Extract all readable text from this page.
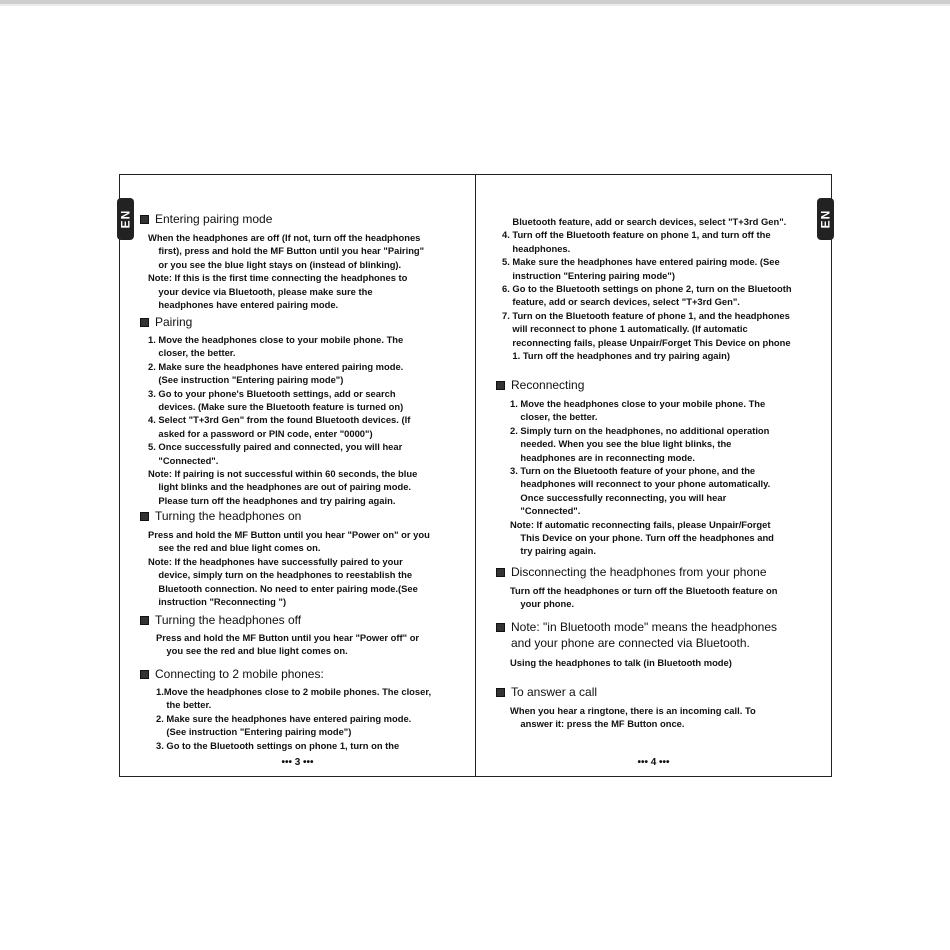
Entering pairing mode
When the headphones are off (If not, turn off the headphones
first), press and hold the MF Button until you hear "Pairing"
or you see the blue light stays on (instead of blinking).
Note: If this is the first time connecting the headphones to
your device via Bluetooth, please make sure the
headphones have entered pairing mode.
Pairing
1. Move the headphones close to your mobile phone. The
closer, the better.
2. Make sure the headphones have entered pairing mode.
(See instruction "Entering pairing mode")
3. Go to your phone's Bluetooth settings, add or search
devices. (Make sure the Bluetooth feature is turned on)
4. Select "T+3rd Gen" from the found Bluetooth devices. (If
asked for a password or PIN code, enter "0000")
5. Once successfully paired and connected, you will hear
"Connected".
Note: If pairing is not successful within 60 seconds, the blue
light blinks and the headphones are out of pairing mode.
Please turn off the headphones and try pairing again.
Turning the headphones on
Press and hold the MF Button until you hear "Power on" or you
see the red and blue light comes on.
Note: If the headphones have successfully paired to your
device, simply turn on the headphones to reestablish the
Bluetooth connection. No need to enter pairing mode.(See
instruction "Reconnecting ")
Turning the headphones off
Press and hold the MF Button until you hear "Power off" or
you see the red and blue light comes on.
Connecting to 2 mobile phones:
1.Move the headphones close to 2 mobile phones. The closer,
the better.
2. Make sure the headphones have entered pairing mode.
(See instruction "Entering pairing mode")
3. Go to the Bluetooth settings on phone 1, turn on the
••• 3 •••
Bluetooth feature, add or search devices, select "T+3rd Gen".
4. Turn off the Bluetooth feature on phone 1, and turn off the
headphones.
5. Make sure the headphones have entered pairing mode. (See
instruction "Entering pairing mode")
6. Go to the Bluetooth settings on phone 2, turn on the Bluetooth
feature, add or search devices, select "T+3rd Gen".
7. Turn on the Bluetooth feature of phone 1, and the headphones
will reconnect to phone 1 automatically. (If automatic
reconnecting fails, please Unpair/Forget This Device on phone
1. Turn off the headphones and try pairing again)
Reconnecting
1. Move the headphones close to your mobile phone. The
closer, the better.
2. Simply turn on the headphones, no additional operation
needed. When you see the blue light blinks, the
headphones are in reconnecting mode.
3. Turn on the Bluetooth feature of your phone, and the
headphones will reconnect to your phone automatically.
Once successfully reconnecting, you will hear
"Connected".
Note: If automatic reconnecting fails, please Unpair/Forget
This Device on your phone. Turn off the headphones and
try pairing again.
Disconnecting the headphones from your phone
Turn off the headphones or turn off the Bluetooth feature on
your phone.
Note: "in Bluetooth mode" means the headphones
and your phone are connected via Bluetooth.
Using the headphones to talk (in Bluetooth mode)
To answer a call
When you hear a ringtone, there is an incoming call. To
answer it: press the MF Button once.
••• 4 •••
EN	EN
